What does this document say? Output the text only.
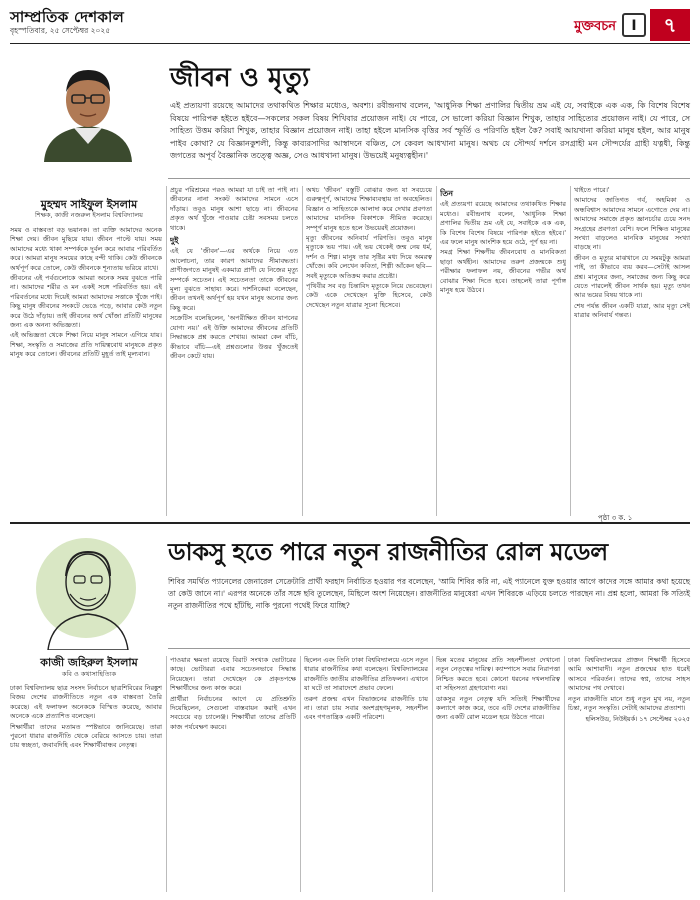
সাম্প্রতিক দেশকাল
বৃহস্পতিবার, ২৫ সেপ্টেম্বর ২০২৫	মুক্তবচন	I	৭
মুহম্মদ সাইফুল ইসলাম
শিক্ষক, কাজী নজরুল ইসলাম বিশ্ববিদ্যালয়
জীবন ও মৃত্যু
এই প্রত্যয়ণা রয়েছে আমাদের তথাকথিত শিক্ষার মধ্যেও, অবশ্য। রবীন্দ্রনাথ বলেন, 'আধুনিক শিক্ষা প্রণালির দ্বিতীয় ভ্রম এই যে, সবাইকে এক এক, কি বিশেষ বিশেষ বিষয়ে পারিপক্ব হইতে হইবে—সকলের সকল বিষয় শিখিবার প্রয়োজন নাই। যে পারে, সে ভালো করিয়া বিজ্ঞান শিখুক, তাহার সাহিত্যের প্রয়োজন নাই। যে পারে, সে সাহিত্য উত্তম করিয়া শিখুক, তাহার বিজ্ঞান প্রয়োজন নাই। তাহা হইলে মানসিক বৃত্তির সর্ব স্ফূর্তি ও পরিণতি হইল কৈ? সবাই আয়খানা করিয়া মানুষ হইল, আর মানুষ পাইব কোথা? যে বিজ্ঞানকুশলী, কিন্তু কাব্যরসাদির আস্বাদনে বঞ্চিত, সে কেবল আধখানা মানুষ। অথচ যে সৌন্দর্য দর্শনে রসগ্রাহী মন সৌন্দর্যের গ্রাহী যত্নধী, কিন্তু জগতের অপূর্ব বৈজ্ঞানিক তত্ত্বে অজ্ঞ, সেও আধখানা মানুষ। উভয়েই মনুষ্যত্বহীন।'

সময় ও বাস্তবতা বড় ভয়ানক। তা ব্যক্তি আমাদের অনেক শিক্ষা দেয়। জীবন মুছিয়ে যায়। জীবন পাল্টে যায়। সময় আমাদের মধ্যে থাকা সম্পর্ককে দুর্বল করে আবার পরিবর্তিত করে। আমরা মানুষ সময়ের কাছে বন্দী থাকি। কেউ জীবনকে অর্থপূর্ণ করে তোলে, কেউ জীবনকে শূন্যতায় ভরিয়ে রাখে।

জীবনের এই পর্বগুলোকে আমরা অনেক সময় বুঝতে পারি না। আমাদের শরীর ও মন একই সঙ্গে পরিবর্তিত হয়। এই পরিবর্তনের মধ্যে দিয়েই আমরা আমাদের সত্তাকে খুঁজে পাই। কিছু মানুষ জীবনের সংকটে ভেঙে পড়ে, আবার কেউ নতুন করে উঠে দাঁড়ায়। তাই জীবনের অর্থ খোঁজা প্রতিটি মানুষের জন্য এক অনন্য অভিজ্ঞতা।

এই অভিজ্ঞতা থেকে শিক্ষা নিয়ে মানুষ সামনে এগিয়ে যায়। শিক্ষা, সংস্কৃতি ও সমাজের প্রতি দায়িত্ববোধ মানুষকে প্রকৃত মানুষ করে তোলে। জীবনের প্রতিটি মুহূর্ত তাই মূল্যবান।

প্রচুর পরিশ্রমের পরও আমরা যা চাই তা পাই না। জীবনের নানা সংকট আমাদের সামনে এসে দাঁড়ায়। তবুও মানুষ আশা ছাড়ে না। জীবনের প্রকৃত অর্থ খুঁজে পাওয়ার চেষ্টা সবসময় চলতে থাকে।

দুই

এই যে 'জীবন'—এর অর্থকে নিয়ে এত আলোচনা, তার কারণ আমাদের সীমাবদ্ধতা। প্রাণীজগতে মানুষই একমাত্র প্রাণী যে নিজের মৃত্যু সম্পর্কে সচেতন। এই সচেতনতা তাকে জীবনের মূল্য বুঝতে সাহায্য করে। দার্শনিকেরা বলেছেন, জীবন তখনই অর্থপূর্ণ হয় যখন মানুষ অন্যের জন্য কিছু করে।

সক্রেটিস বলেছিলেন, 'অপরীক্ষিত জীবন যাপনের যোগ্য নয়।' এই উক্তি আমাদের জীবনের প্রতিটি সিদ্ধান্তকে প্রশ্ন করতে শেখায়। আমরা কেন বাঁচি, কীভাবে বাঁচি—এই প্রশ্নগুলোর উত্তর খুঁজতেই জীবন কেটে যায়।

অথচ 'জীবন' বস্তুটি বোঝার জন্য যা সবচেয়ে গুরুত্বপূর্ণ, আমাদের শিক্ষাব্যবস্থায় তা অবহেলিত। বিজ্ঞান ও সাহিত্যকে আলাদা করে দেখার প্রবণতা আমাদের মানসিক বিকাশকে সীমিত করেছে। সম্পূর্ণ মানুষ হতে হলে উভয়েরই প্রয়োজন।

মৃত্যু জীবনের অনিবার্য পরিণতি। তবুও মানুষ মৃত্যুকে ভয় পায়। এই ভয় থেকেই জন্ম নেয় ধর্ম, দর্শন ও শিল্প। মানুষ তার সৃষ্টির মধ্য দিয়ে অমরত্ব খোঁজে। কবি লেখেন কবিতা, শিল্পী আঁকেন ছবি—সবই মৃত্যুকে অতিক্রম করার প্রচেষ্টা।

পৃথিবীর সব বড় চিন্তাবিদ মৃত্যুকে নিয়ে ভেবেছেন। কেউ একে দেখেছেন মুক্তি হিসেবে, কেউ দেখেছেন নতুন যাত্রার সূচনা হিসেবে।

তিন

এই প্রত্যয়ণা রয়েছে আমাদের তথাকথিত শিক্ষার মধ্যেও। রবীন্দ্রনাথ বলেন, 'আধুনিক শিক্ষা প্রণালির দ্বিতীয় ভ্রম এই যে, সবাইকে এক এক, কি বিশেষ বিশেষ বিষয়ে পারিপক্ব হইতে হইবে।' এর ফলে মানুষ আংশিক হয়ে ওঠে, পূর্ণ হয় না।

সমগ্র শিক্ষা শিক্ষণীয় জীবনবোধ ও মানবিকতা ছাড়া অর্থহীন। আমাদের তরুণ প্রজন্মকে শুধু পরীক্ষার ফলাফল নয়, জীবনের গভীর অর্থ বোঝার শিক্ষা দিতে হবে। তাহলেই তারা পূর্ণাঙ্গ মানুষ হয়ে উঠবে।

খাইতে পারে।'

আমাদের জাতিগত গর্ব, অহমিকা ও অন্ধবিশ্বাস আমাদের সামনে এগোতে দেয় না। আমাদের সমাজে প্রকৃত জ্ঞানচর্চার চেয়ে সনদ সংগ্রহের প্রবণতা বেশি। ফলে শিক্ষিত মানুষের সংখ্যা বাড়লেও মানবিক মানুষের সংখ্যা বাড়ছে না।

জীবন ও মৃত্যুর মাঝখানে যে সময়টুকু আমরা পাই, তা কীভাবে ব্যয় করব—সেটাই আসল প্রশ্ন। মানুষের জন্য, সমাজের জন্য কিছু করে যেতে পারলেই জীবন সার্থক হয়। মৃত্যু তখন আর ভয়ের বিষয় থাকে না।

শেষ পর্যন্ত জীবন একটি যাত্রা, আর মৃত্যু সেই যাত্রার অনিবার্য গন্তব্য।

পৃষ্ঠা ৩ ক. ১
কাজী জহিরুল ইসলাম
কবি ও কথাসাহিত্যিক
ডাকসু হতে পারে নতুন রাজনীতির রোল মডেল
শিবির সমর্থিত প্যানেলের জেনারেল সেক্রেটারি প্রার্থী ফরহাদ নির্বাচিত হওয়ার পর বলেছেন, 'আমি শিবির করি না, এই প্যানেলে যুক্ত হওয়ার আগে কাদের সঙ্গে আমার কথা হয়েছে তা কেউ জানে না।' এরপর অনেকে তাঁর সঙ্গে ছবি তুলেছেন, মিছিলে অংশ নিয়েছেন। রাজনীতির মানুষেরা এখন শিবিরকে এড়িয়ে চলতে পারছেন না। প্রশ্ন হলো, আমরা কি সত্যিই নতুন রাজনীতির পথে হাঁটছি, নাকি পুরনো পথেই ফিরে যাচ্ছি?

ঢাকা বিশ্ববিদ্যালয় ছাত্র সংসদ নির্বাচনে ছাত্রশিবিরের নিরঙ্কুশ বিজয় দেশের রাজনীতিতে নতুন এক বাস্তবতা তৈরি করেছে। এই ফলাফল অনেককে বিস্মিত করেছে, আবার অনেকে একে প্রত্যাশিত বলেছেন।

শিক্ষার্থীরা তাদের মতামত স্পষ্টভাবে জানিয়েছে। তারা পুরনো ধারার রাজনীতি থেকে বেরিয়ে আসতে চায়। তারা চায় স্বচ্ছতা, জবাবদিহি এবং শিক্ষার্থীবান্ধব নেতৃত্ব।

পাওয়ার ক্ষমতা রয়েছে বিরাট সংখ্যক ভোটারের কাছে। ভোটাররা এবার সচেতনভাবে সিদ্ধান্ত নিয়েছেন। তারা দেখেছেন কে প্রকৃতপক্ষে শিক্ষার্থীদের জন্য কাজ করে।

প্রার্থীরা নির্বাচনের আগে যে প্রতিশ্রুতি দিয়েছিলেন, সেগুলো বাস্তবায়ন করাই এখন সবচেয়ে বড় চ্যালেঞ্জ। শিক্ষার্থীরা তাদের প্রতিটি কাজ পর্যবেক্ষণ করবে।

ছিলেন এবং তিনি ঢাকা বিশ্ববিদ্যালয়ে এসে নতুন ধারার রাজনীতির কথা বলেছেন। বিশ্ববিদ্যালয়ের রাজনীতি জাতীয় রাজনীতির প্রতিফলন। এখানে যা ঘটে তা সারাদেশে প্রভাব ফেলে।

তরুণ প্রজন্ম এখন বিভাজনের রাজনীতি চায় না। তারা চায় সবার অংশগ্রহণমূলক, সহনশীল এবং গণতান্ত্রিক একটি পরিবেশ।

ভিন্ন মতের মানুষের প্রতি সহনশীলতা দেখানো নতুন নেতৃত্বের দায়িত্ব। ক্যাম্পাসে সবার নিরাপত্তা নিশ্চিত করতে হবে। কোনো ধরনের দখলদারিত্ব বা সহিংসতা গ্রহণযোগ্য নয়।

ডাকসুর নতুন নেতৃত্ব যদি সত্যিই শিক্ষার্থীদের কল্যাণে কাজ করে, তবে এটি দেশের রাজনীতির জন্য একটি রোল মডেল হয়ে উঠতে পারে।

ঢাকা বিশ্ববিদ্যালয়ের প্রাক্তন শিক্ষার্থী হিসেবে আমি আশাবাদী। নতুন প্রজন্মের হাত ধরেই আসবে পরিবর্তন। তাদের স্বপ্ন, তাদের সাহস আমাদের পথ দেখাবে।

নতুন রাজনীতি মানে শুধু নতুন মুখ নয়, নতুন চিন্তা, নতুন সংস্কৃতি। সেটাই আমাদের প্রত্যাশা।

হলিসউড, নিউইয়র্ক। ১৭ সেপ্টেম্বর ২০২৫
